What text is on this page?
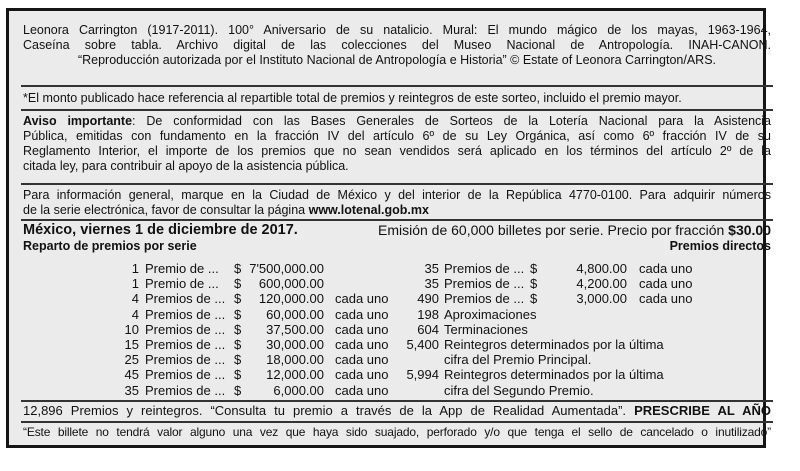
Leonora Carrington (1917-2011). 100° Aniversario de su natalicio. Mural: El mundo mágico de los mayas, 1963-1964,
Caseína sobre tabla. Archivo digital de las colecciones del Museo Nacional de Antropología. INAH-CANON.
“Reproducción autorizada por el Instituto Nacional de Antropología e Historia” © Estate of Leonora Carrington/ARS.

*El monto publicado hace referencia al repartible total de premios y reintegros de este sorteo, incluido el premio mayor.

Aviso importante: De conformidad con las Bases Generales de Sorteos de la Lotería Nacional para la Asistencia
Pública, emitidas con fundamento en la fracción IV del artículo 6º de su Ley Orgánica, así como 6º fracción IV de su
Reglamento Interior, el importe de los premios que no sean vendidos será aplicado en los términos del artículo 2º de la
citada ley, para contribuir al apoyo de la asistencia pública.

Para información general, marque en la Ciudad de México y del interior de la República 4770-0100. Para adquirir números
de la serie electrónica, favor de consultar la página www.lotenal.gob.mx

México, viernes 1 de diciembre de 2017.	Emisión de 60,000 billetes por serie. Precio por fracción $30.00
Reparto de premios por serie	Premios directos
1 Premio de ... $ 7'500,000.00
1 Premio de ... $	600,000.00
4 Premios de ... $	120,000.00 cada uno
4 Premios de ... $	60,000.00 cada uno
10 Premios de ... $	37,500.00 cada uno
15 Premios de ... $	30,000.00 cada uno
25 Premios de ... $	18,000.00 cada uno
45 Premios de ... $	12,000.00 cada uno
35 Premios de ... $	6,000.00 cada uno
35 Premios de ... $	4,800.00 cada uno
35 Premios de ... $	4,200.00 cada uno
490 Premios de ... $	3,000.00 cada uno
198 Aproximaciones
604 Terminaciones
5,400 Reintegros determinados por la última
cifra del Premio Principal.
5,994 Reintegros determinados por la última
cifra del Segundo Premio.

12,896 Premios y reintegros. “Consulta tu premio a través de la App de Realidad Aumentada”. PRESCRIBE AL AÑO

“Este billete no tendrá valor alguno una vez que haya sido suajado, perforado y/o que tenga el sello de cancelado o inutilizado”
